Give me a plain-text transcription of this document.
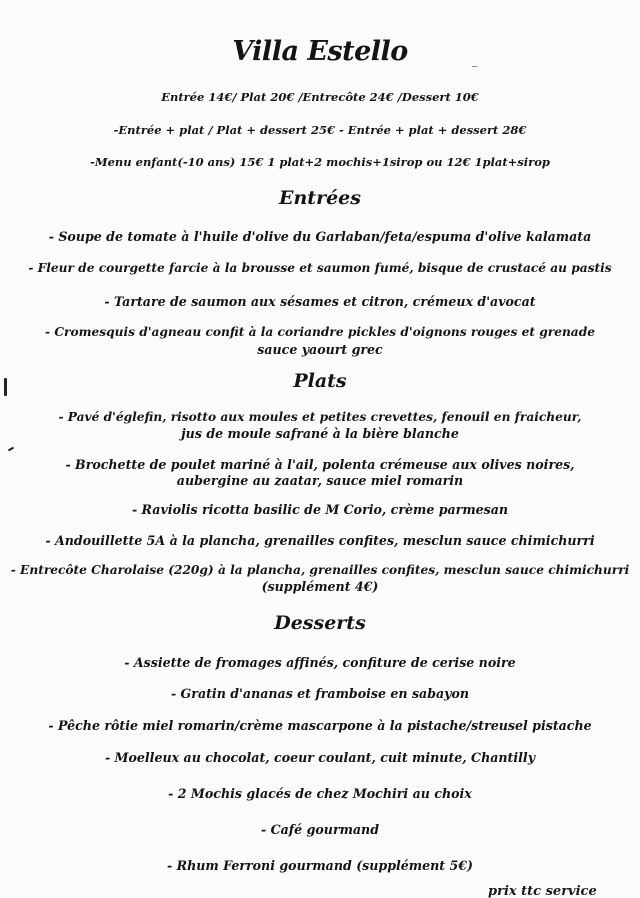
Villa Estello
Entrée 14€/ Plat 20€ /Entrecôte 24€ /Dessert 10€
-Entrée + plat / Plat + dessert 25€ - Entrée + plat + dessert 28€
-Menu enfant(-10 ans) 15€ 1 plat+2 mochis+1sirop ou 12€ 1plat+sirop
Entrées
- Soupe de tomate à l'huile d'olive du Garlaban/feta/espuma d'olive kalamata
- Fleur de courgette farcie à la brousse et saumon fumé, bisque de crustacé au pastis
- Tartare de saumon aux sésames et citron, crémeux d'avocat
- Cromesquis d'agneau confit à la coriandre pickles d'oignons rouges et grenade
sauce yaourt grec
Plats
- Pavé d'églefin, risotto aux moules et petites crevettes, fenouil en fraicheur,
jus de moule safrané à la bière blanche
- Brochette de poulet mariné à l'ail, polenta crémeuse aux olives noires,
aubergine au zaatar, sauce miel romarin
- Raviolis ricotta basilic de M Corio, crème parmesan
- Andouillette 5A à la plancha, grenailles confites, mesclun sauce chimichurri
- Entrecôte Charolaise (220g) à la plancha, grenailles confites, mesclun sauce chimichurri
(supplément 4€)
Desserts
- Assiette de fromages affinés, confiture de cerise noire
- Gratin d'ananas et framboise en sabayon
- Pêche rôtie miel romarin/crème mascarpone à la pistache/streusel pistache
- Moelleux au chocolat, coeur coulant, cuit minute, Chantilly
- 2 Mochis glacés de chez Mochiri au choix
- Café gourmand
- Rhum Ferroni gourmand (supplément 5€)
prix ttc service
